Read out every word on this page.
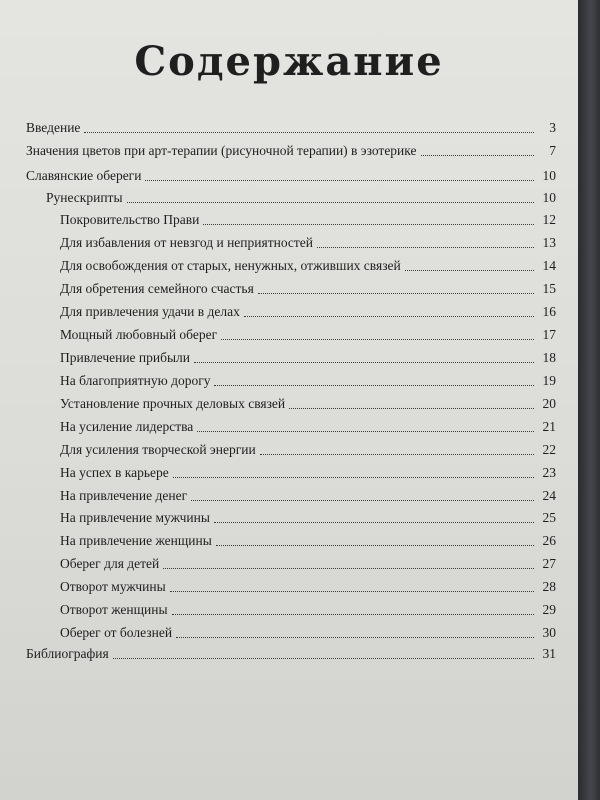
Содержание
Введение	3
Значения цветов при арт-терапии (рисуночной терапии) в эзотерике	7
Славянские обереги	10
Рунескрипты	10
Покровительство Прави	12
Для избавления от невзгод и неприятностей	13
Для освобождения от старых, ненужных, отживших связей	14
Для обретения семейного счастья	15
Для привлечения удачи в делах	16
Мощный любовный оберег	17
Привлечение прибыли	18
На благоприятную дорогу	19
Установление прочных деловых связей	20
На усиление лидерства	21
Для усиления творческой энергии	22
На успех в карьере	23
На привлечение денег	24
На привлечение мужчины	25
На привлечение женщины	26
Оберег для детей	27
Отворот мужчины	28
Отворот женщины	29
Оберег от болезней	30
Библиография	31
